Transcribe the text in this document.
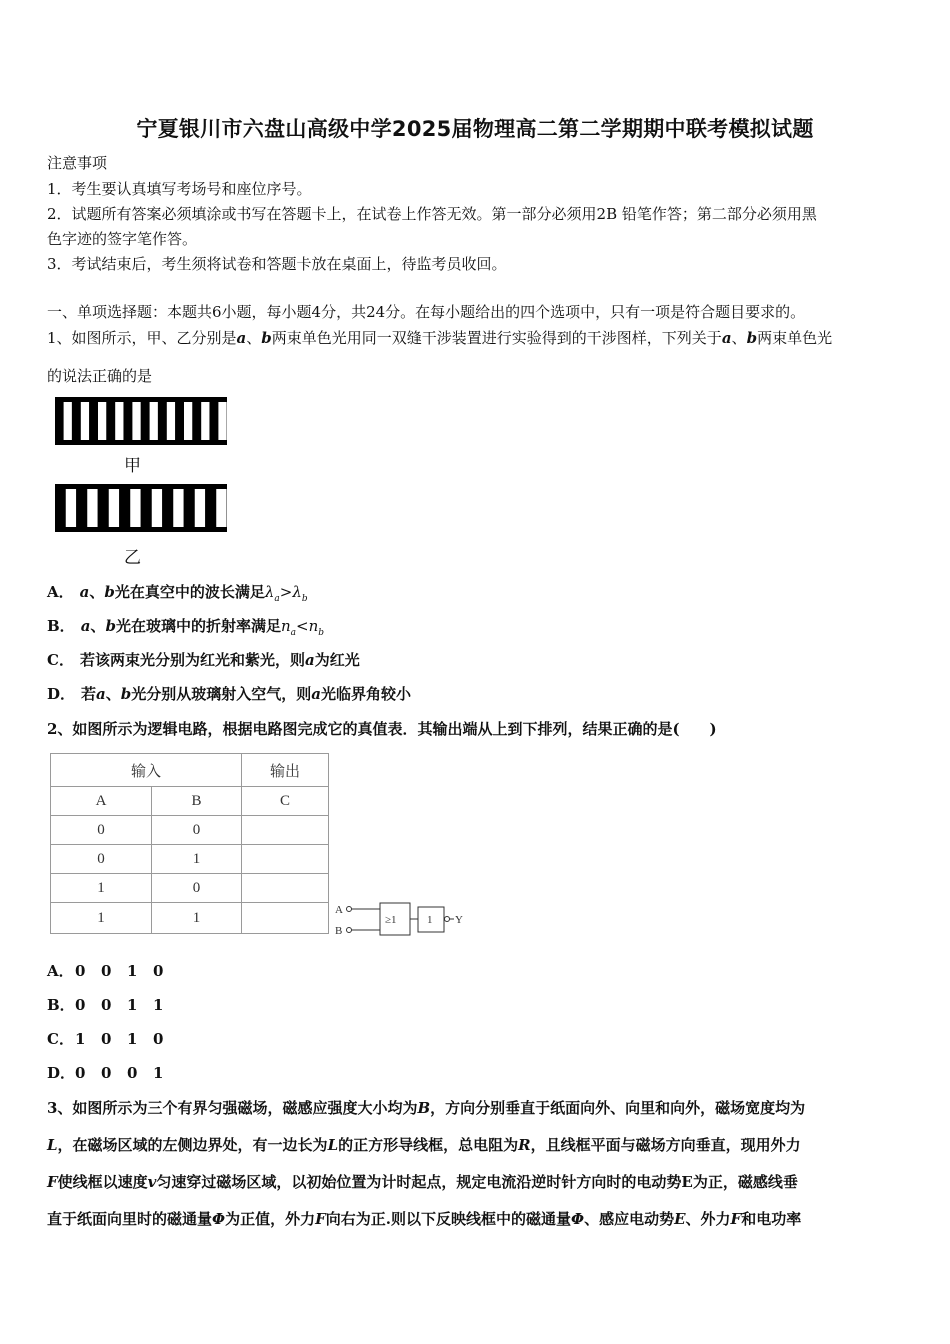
宁夏银川市六盘山高级中学2025届物理高二第二学期期中联考模拟试题
注意事项
1．考生要认真填写考场号和座位序号。
2．试题所有答案必须填涂或书写在答题卡上，在试卷上作答无效。第一部分必须用2B 铅笔作答；第二部分必须用黑
色字迹的签字笔作答。
3．考试结束后，考生须将试卷和答题卡放在桌面上，待监考员收回。
一、单项选择题：本题共6小题，每小题4分，共24分。在每小题给出的四个选项中，只有一项是符合题目要求的。
1、如图所示，甲、乙分别是a、b两束单色光用同一双缝干涉装置进行实验得到的干涉图样，下列关于a、b两束单色光
的说法正确的是
甲
乙
A． a、b光在真空中的波长满足$\lambda_a>\lambda_b$
B． a、b光在玻璃中的折射率满足$n_a<n_b$
C． 若该两束光分别为红光和紫光，则a为红光
D． 若a、b光分别从玻璃射入空气，则a光临界角较小
2、如图所示为逻辑电路，根据电路图完成它的真值表．其输出端从上到下排列，结果正确的是(　　)
输入		输出
A	B	C
0	0	
0	1	
1	0	
1	1		A
B
≥1	1 Y
A．0 0 1 0
B．0 0 1 1
C．1 0 1 0
D．0 0 0 1
3、如图所示为三个有界匀强磁场，磁感应强度大小均为B，方向分别垂直于纸面向外、向里和向外，磁场宽度均为
L，在磁场区域的左侧边界处，有一边长为L的正方形导线框，总电阻为R，且线框平面与磁场方向垂直，现用外力
F使线框以速度v匀速穿过磁场区域，以初始位置为计时起点，规定电流沿逆时针方向时的电动势E为正，磁感线垂
直于纸面向里时的磁通量Φ为正值，外力F向右为正.则以下反映线框中的磁通量Φ、感应电动势E、外力F和电功率
